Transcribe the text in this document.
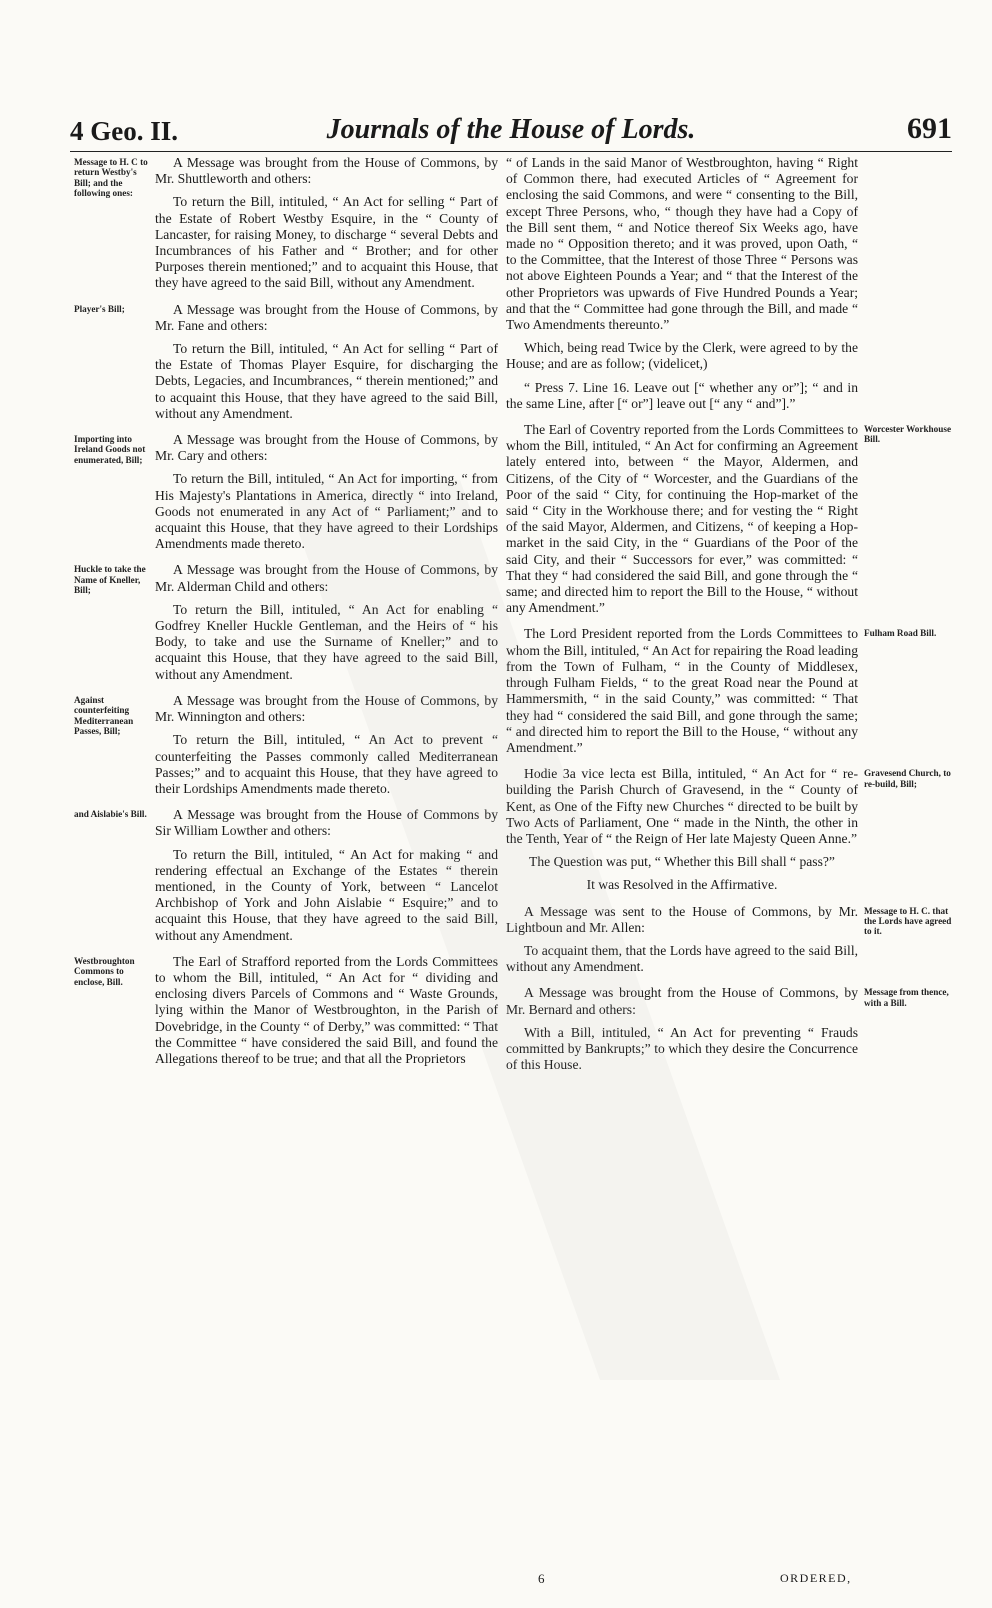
4 Geo. II.	Journals of the House of Lords.	691

A Message was brought from the House of Commons, by Mr. Shuttleworth and others:

To return the Bill, intituled, “ An Act for selling “ Part of the Estate of Robert Westby Esquire, in the “ County of Lancaster, for raising Money, to discharge “ several Debts and Incumbrances of his Father and “ Brother; and for other Purposes therein mentioned;” and to acquaint this House, that they have agreed to the said Bill, without any Amendment.

A Message was brought from the House of Commons, by Mr. Fane and others:

To return the Bill, intituled, “ An Act for selling “ Part of the Estate of Thomas Player Esquire, for discharging the Debts, Legacies, and Incumbrances, “ therein mentioned;” and to acquaint this House, that they have agreed to the said Bill, without any Amendment.

A Message was brought from the House of Commons, by Mr. Cary and others:

To return the Bill, intituled, “ An Act for importing, “ from His Majesty's Plantations in America, directly “ into Ireland, Goods not enumerated in any Act of “ Parliament;” and to acquaint this House, that they have agreed to their Lordships Amendments made thereto.

A Message was brought from the House of Commons, by Mr. Alderman Child and others:

To return the Bill, intituled, “ An Act for enabling “ Godfrey Kneller Huckle Gentleman, and the Heirs of “ his Body, to take and use the Surname of Kneller;” and to acquaint this House, that they have agreed to the said Bill, without any Amendment.

A Message was brought from the House of Commons, by Mr. Winnington and others:

To return the Bill, intituled, “ An Act to prevent “ counterfeiting the Passes commonly called Mediterranean Passes;” and to acquaint this House, that they have agreed to their Lordships Amendments made thereto.

A Message was brought from the House of Commons by Sir William Lowther and others:

To return the Bill, intituled, “ An Act for making “ and rendering effectual an Exchange of the Estates “ therein mentioned, in the County of York, between “ Lancelot Archbishop of York and John Aislabie “ Esquire;” and to acquaint this House, that they have agreed to the said Bill, without any Amendment.

The Earl of Strafford reported from the Lords Committees to whom the Bill, intituled, “ An Act for “ dividing and enclosing divers Parcels of Commons and “ Waste Grounds, lying within the Manor of Westbroughton, in the Parish of Dovebridge, in the County “ of Derby,” was committed: “ That the Committee “ have considered the said Bill, and found the Allegations thereof to be true; and that all the Proprietors

“ of Lands in the said Manor of Westbroughton, having “ Right of Common there, had executed Articles of “ Agreement for enclosing the said Commons, and were “ consenting to the Bill, except Three Persons, who, “ though they have had a Copy of the Bill sent them, “ and Notice thereof Six Weeks ago, have made no “ Opposition thereto; and it was proved, upon Oath, “ to the Committee, that the Interest of those Three “ Persons was not above Eighteen Pounds a Year; and “ that the Interest of the other Proprietors was upwards of Five Hundred Pounds a Year; and that the “ Committee had gone through the Bill, and made “ Two Amendments thereunto.”

Which, being read Twice by the Clerk, were agreed to by the House; and are as follow; (videlicet,)

“ Press 7. Line 16. Leave out [“ whether any or”]; “ and in the same Line, after [“ or”] leave out [“ any “ and”].”

The Earl of Coventry reported from the Lords Committees to whom the Bill, intituled, “ An Act for confirming an Agreement lately entered into, between “ the Mayor, Aldermen, and Citizens, of the City of “ Worcester, and the Guardians of the Poor of the said “ City, for continuing the Hop-market of the said “ City in the Workhouse there; and for vesting the “ Right of the said Mayor, Aldermen, and Citizens, “ of keeping a Hop-market in the said City, in the “ Guardians of the Poor of the said City, and their “ Successors for ever,” was committed: “ That they “ had considered the said Bill, and gone through the “ same; and directed him to report the Bill to the House, “ without any Amendment.”

The Lord President reported from the Lords Committees to whom the Bill, intituled, “ An Act for repairing the Road leading from the Town of Fulham, “ in the County of Middlesex, through Fulham Fields, “ to the great Road near the Pound at Hammersmith, “ in the said County,” was committed: “ That they had “ considered the said Bill, and gone through the same; “ and directed him to report the Bill to the House, “ without any Amendment.”

Hodie 3a vice lecta est Billa, intituled, “ An Act for “ re-building the Parish Church of Gravesend, in the “ County of Kent, as One of the Fifty new Churches “ directed to be built by Two Acts of Parliament, One “ made in the Ninth, the other in the Tenth, Year of “ the Reign of Her late Majesty Queen Anne.”

The Question was put, “ Whether this Bill shall “ pass?”

It was Resolved in the Affirmative.

A Message was sent to the House of Commons, by Mr. Lightboun and Mr. Allen:

To acquaint them, that the Lords have agreed to the said Bill, without any Amendment.

A Message was brought from the House of Commons, by Mr. Bernard and others:

With a Bill, intituled, “ An Act for preventing “ Frauds committed by Bankrupts;” to which they desire the Concurrence of this House.

Message to H. C to return Westby's Bill; and the following ones:
Player's Bill;
Importing into Ireland Goods not enumerated, Bill;
Huckle to take the Name of Kneller, Bill;
Against counterfeiting Mediterranean Passes, Bill;
and Aislabie's Bill.
Westbroughton Commons to enclose, Bill.
Worcester Workhouse Bill.
Fulham Road Bill.
Gravesend Church, to re-build, Bill;
Message to H. C. that the Lords have agreed to it.
Message from thence, with a Bill.
6	ORDERED,
